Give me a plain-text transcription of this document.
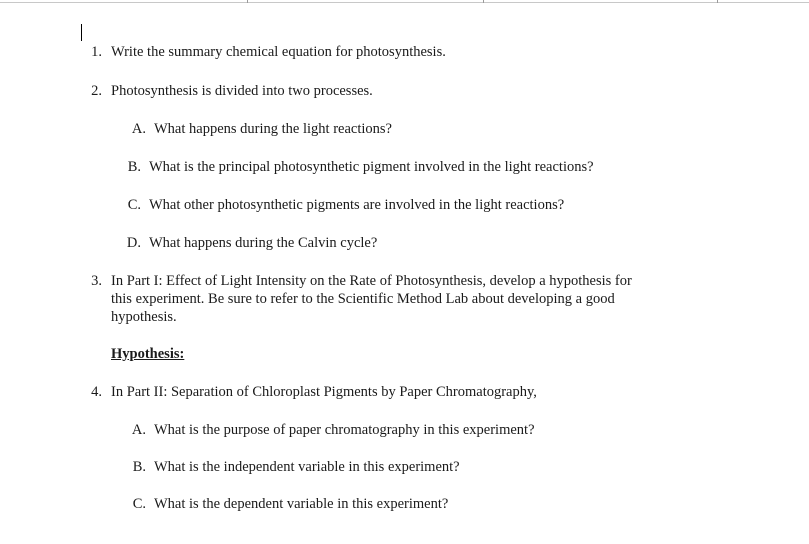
1. Write the summary chemical equation for photosynthesis.
2. Photosynthesis is divided into two processes.
A. What happens during the light reactions?
B. What is the principal photosynthetic pigment involved in the light reactions?
C. What other photosynthetic pigments are involved in the light reactions?
D. What happens during the Calvin cycle?
3. In Part I: Effect of Light Intensity on the Rate of Photosynthesis, develop a hypothesis for
this experiment. Be sure to refer to the Scientific Method Lab about developing a good
hypothesis.
Hypothesis:
4. In Part II: Separation of Chloroplast Pigments by Paper Chromatography,
A. What is the purpose of paper chromatography in this experiment?
B. What is the independent variable in this experiment?
C. What is the dependent variable in this experiment?
